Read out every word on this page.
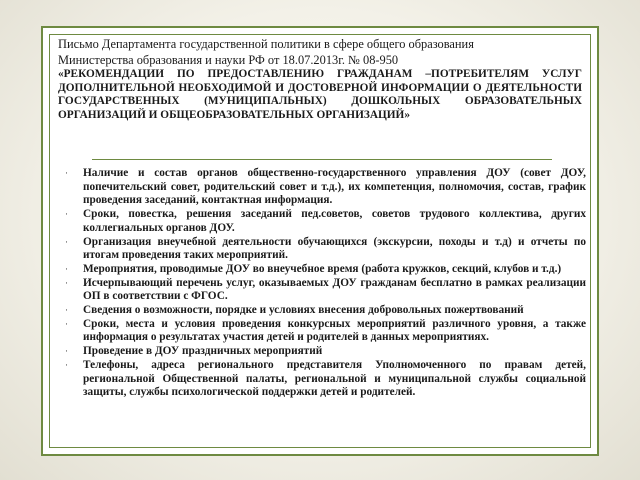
Письмо Департамента государственной политики в сфере общего образования

Министерства образования и науки РФ от 18.07.2013г. № 08-950

«РЕКОМЕНДАЦИИ ПО ПРЕДОСТАВЛЕНИЮ ГРАЖДАНАМ –ПОТРЕБИТЕЛЯМ УСЛУГ ДОПОЛНИТЕЛЬНОЙ НЕОБХОДИМОЙ И ДОСТОВЕРНОЙ ИНФОРМАЦИИ О ДЕЯТЕЛЬНОСТИ ГОСУДАРСТВЕННЫХ (МУНИЦИПАЛЬНЫХ) ДОШКОЛЬНЫХ ОБРАЗОВАТЕЛЬНЫХ ОРГАНИЗАЦИЙ И ОБЩЕОБРАЗОВАТЕЛЬНЫХ ОРГАНИЗАЦИЙ»

· Наличие и состав органов общественно-государственного управления ДОУ (совет ДОУ, попечительский совет, родительский совет и т.д.), их компетенция, полномочия, состав, график проведения заседаний, контактная информация.
· Сроки, повестка, решения заседаний пед.советов, советов трудового коллектива, других коллегиальных органов ДОУ.
· Организация внеучебной деятельности обучающихся (экскурсии, походы и т.д) и отчеты по итогам проведения таких мероприятий.
· Мероприятия, проводимые ДОУ во внеучебное время (работа кружков, секций, клубов и т.д.)
· Исчерпывающий перечень услуг, оказываемых ДОУ гражданам бесплатно в рамках реализации ОП в соответствии с ФГОС.
· Сведения о возможности, порядке и условиях внесения добровольных пожертвований
· Сроки, места и условия проведения конкурсных мероприятий различного уровня, а также информация о результатах участия детей и родителей в данных мероприятиях.
· Проведение в ДОУ праздничных мероприятий
· Телефоны, адреса регионального представителя Уполномоченного по правам детей, региональной Общественной палаты, региональной и муниципальной службы социальной защиты, службы психологической поддержки детей и родителей.
